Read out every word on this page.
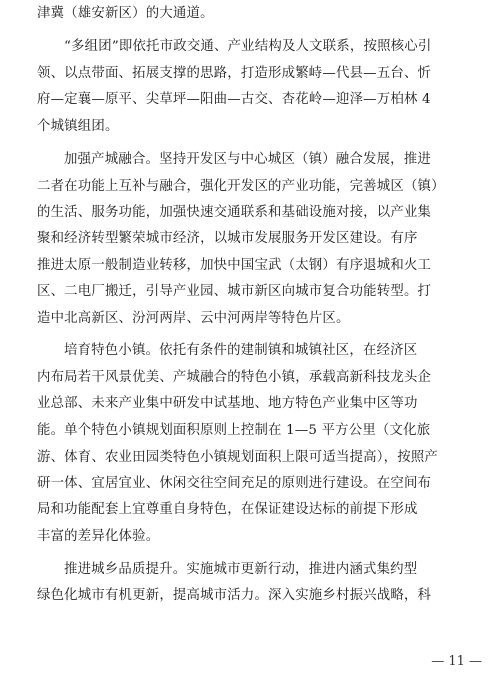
津冀（雄安新区）的大通道。
“多组团”即依托市政交通、产业结构及人文联系，按照核心引
领、以点带面、拓展支撑的思路，打造形成繁峙—代县—五台、忻
府—定襄—原平、尖草坪—阳曲—古交、杏花岭—迎泽—万柏林 4
个城镇组团。
加强产城融合。坚持开发区与中心城区（镇）融合发展，推进
二者在功能上互补与融合，强化开发区的产业功能，完善城区（镇）
的生活、服务功能，加强快速交通联系和基础设施对接，以产业集
聚和经济转型繁荣城市经济，以城市发展服务开发区建设。有序
推进太原一般制造业转移，加快中国宝武（太钢）有序退城和火工
区、二电厂搬迁，引导产业园、城市新区向城市复合功能转型。打
造中北高新区、汾河两岸、云中河两岸等特色片区。
培育特色小镇。依托有条件的建制镇和城镇社区，在经济区
内布局若干风景优美、产城融合的特色小镇，承载高新科技龙头企
业总部、未来产业集中研发中试基地、地方特色产业集中区等功
能。单个特色小镇规划面积原则上控制在 1—5 平方公里（文化旅
游、体育、农业田园类特色小镇规划面积上限可适当提高），按照产
研一体、宜居宜业、休闲交往空间充足的原则进行建设。在空间布
局和功能配套上宜尊重自身特色，在保证建设达标的前提下形成
丰富的差异化体验。
推进城乡品质提升。实施城市更新行动，推进内涵式集约型
绿色化城市有机更新，提高城市活力。深入实施乡村振兴战略，科
— 11 —
